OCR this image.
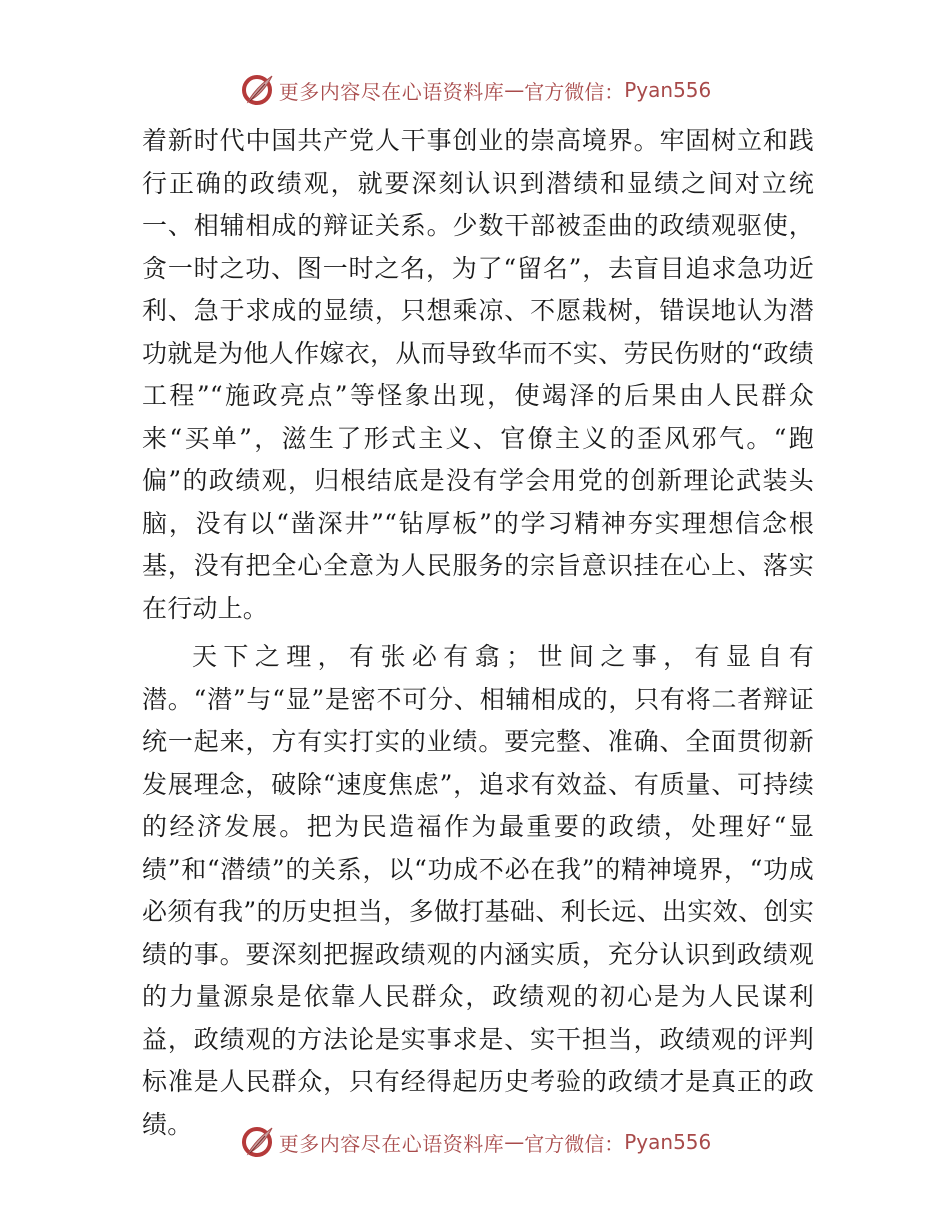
更多内容尽在心语资料库 — 官方微信： Pyan556

着新时代中国共产党人干事创业的崇高境界。牢固树立和践行正确的政绩观，就要深刻认识到潜绩和显绩之间对立统一、相辅相成的辩证关系。少数干部被歪曲的政绩观驱使，贪一时之功、图一时之名，为了“留名”，去盲目追求急功近利、急于求成的显绩，只想乘凉、不愿栽树，错误地认为潜功就是为他人作嫁衣，从而导致华而不实、劳民伤财的“政绩工程”“施政亮点”等怪象出现，使竭泽的后果由人民群众来“买单”，滋生了形式主义、官僚主义的歪风邪气。“跑偏”的政绩观，归根结底是没有学会用党的创新理论武装头脑，没有以“凿深井”“钻厚板”的学习精神夯实理想信念根基，没有把全心全意为人民服务的宗旨意识挂在心上、落实在行动上。

天下之理，有张必有翕；世间之事，有显自有潜。“潜”与“显”是密不可分、相辅相成的，只有将二者辩证统一起来，方有实打实的业绩。要完整、准确、全面贯彻新发展理念，破除“速度焦虑”，追求有效益、有质量、可持续的经济发展。把为民造福作为最重要的政绩，处理好“显绩”和“潜绩”的关系，以“功成不必在我”的精神境界，“功成必须有我”的历史担当，多做打基础、利长远、出实效、创实绩的事。要深刻把握政绩观的内涵实质，充分认识到政绩观的力量源泉是依靠人民群众，政绩观的初心是为人民谋利益，政绩观的方法论是实事求是、实干担当，政绩观的评判标准是人民群众，只有经得起历史考验的政绩才是真正的政绩。

更多内容尽在心语资料库 — 官方微信： Pyan556
